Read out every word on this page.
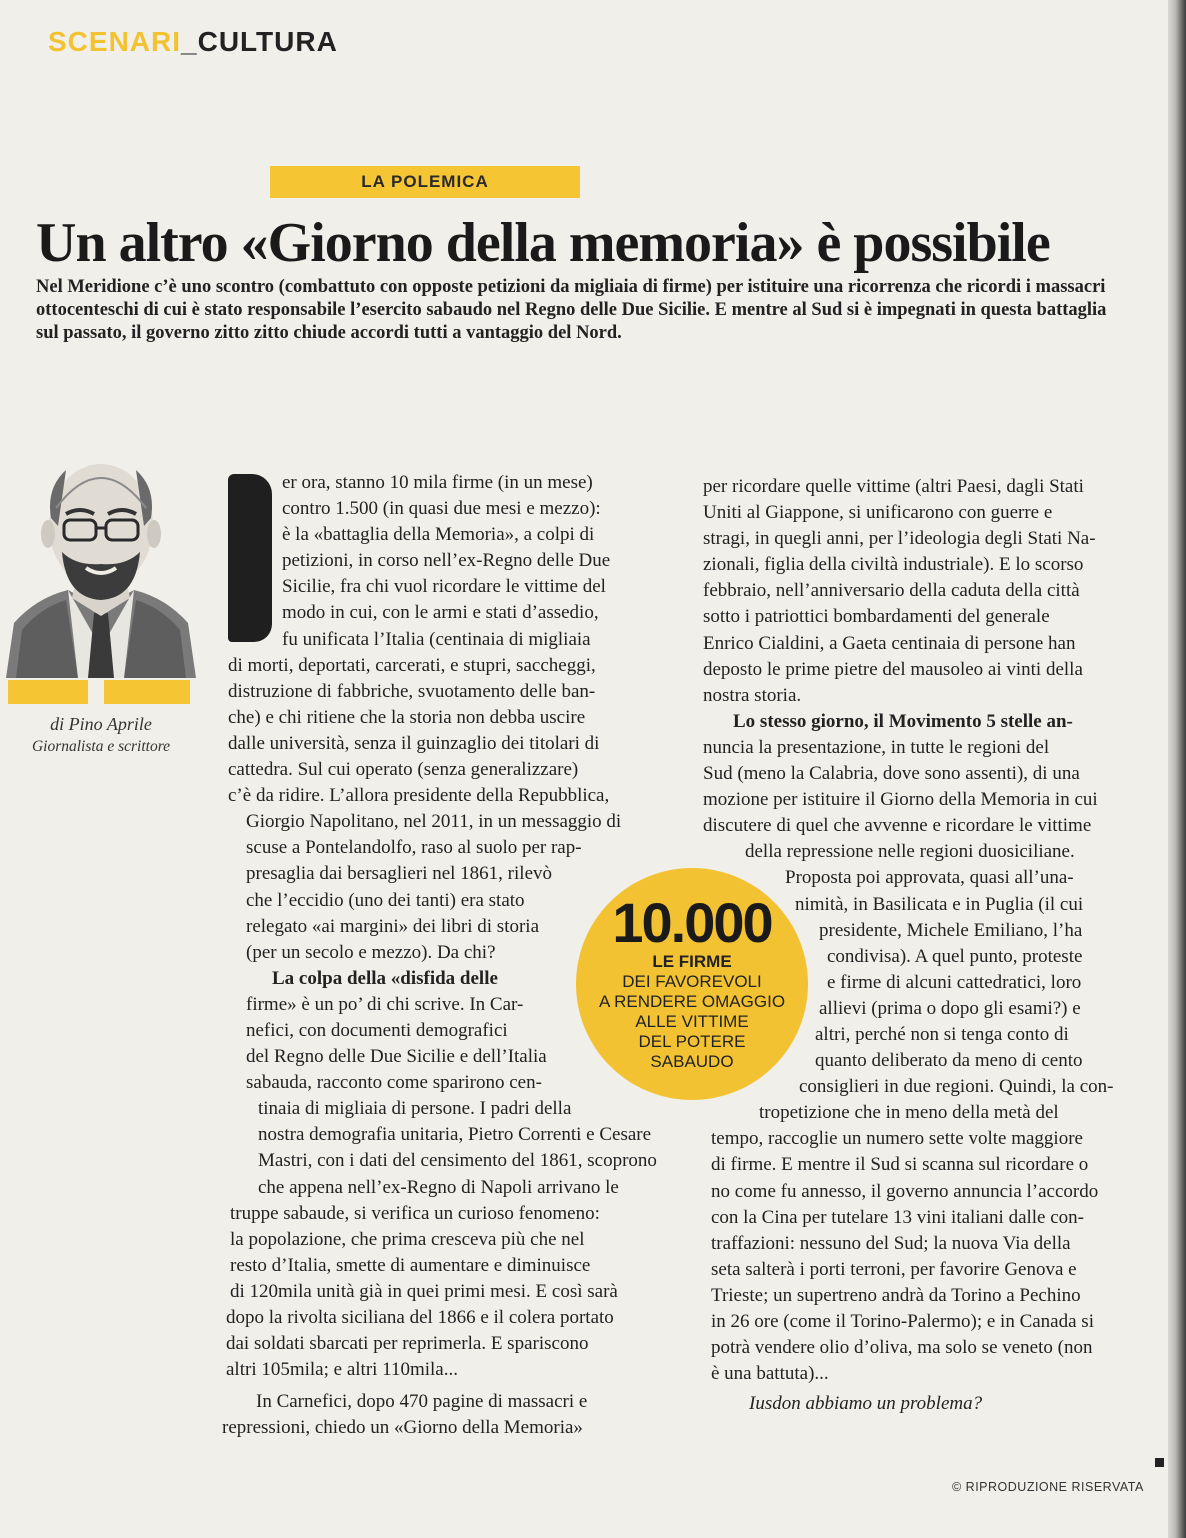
SCENARI_CULTURA
LA POLEMICA
Un altro «Giorno della memoria» è possibile
Nel Meridione c’è uno scontro (combattuto con opposte petizioni da migliaia di firme) per istituire una ricorrenza che ricordi i massacri ottocenteschi di cui è stato responsabile l’esercito sabaudo nel Regno delle Due Sicilie. E mentre al Sud si è impegnati in questa battaglia sul passato, il governo zitto zitto chiude accordi tutti a vantaggio del Nord.
di Pino Aprile
Giornalista e scrittore
P	er ora, stanno 10 mila firme (in un mese)
contro 1.500 (in quasi due mesi e mezzo):
è la «battaglia della Memoria», a colpi di
petizioni, in corso nell’ex-Regno delle Due
Sicilie, fra chi vuol ricordare le vittime del
modo in cui, con le armi e stati d’assedio,
fu unificata l’Italia (centinaia di migliaia
di morti, deportati, carcerati, e stupri, saccheggi,
distruzione di fabbriche, svuotamento delle ban-
che) e chi ritiene che la storia non debba uscire
dalle università, senza il guinzaglio dei titolari di
cattedra. Sul cui operato (senza generalizzare)
c’è da ridire. L’allora presidente della Repubblica,
Giorgio Napolitano, nel 2011, in un messaggio di
scuse a Pontelandolfo, raso al suolo per rap-
presaglia dai bersaglieri nel 1861, rilevò
che l’eccidio (uno dei tanti) era stato
relegato «ai margini» dei libri di storia
(per un secolo e mezzo). Da chi?
La colpa della «disfida delle
firme» è un po’ di chi scrive. In Car-
nefici, con documenti demografici
del Regno delle Due Sicilie e dell’Italia
sabauda, racconto come sparirono cen-
tinaia di migliaia di persone. I padri della
nostra demografia unitaria, Pietro Correnti e Cesare
Mastri, con i dati del censimento del 1861, scoprono
che appena nell’ex-Regno di Napoli arrivano le
truppe sabaude, si verifica un curioso fenomeno:
la popolazione, che prima cresceva più che nel
resto d’Italia, smette di aumentare e diminuisce
di 120mila unità già in quei primi mesi. E così sarà
dopo la rivolta siciliana del 1866 e il colera portato
dai soldati sbarcati per reprimerla. E spariscono
altri 105mila; e altri 110mila...
In Carnefici, dopo 470 pagine di massacri e
repressioni, chiedo un «Giorno della Memoria»
per ricordare quelle vittime (altri Paesi, dagli Stati
Uniti al Giappone, si unificarono con guerre e
stragi, in quegli anni, per l’ideologia degli Stati Na-
zionali, figlia della civiltà industriale). E lo scorso
febbraio, nell’anniversario della caduta della città
sotto i patriottici bombardamenti del generale
Enrico Cialdini, a Gaeta centinaia di persone han
deposto le prime pietre del mausoleo ai vinti della
nostra storia.
Lo stesso giorno, il Movimento 5 stelle an-
nuncia la presentazione, in tutte le regioni del
Sud (meno la Calabria, dove sono assenti), di una
mozione per istituire il Giorno della Memoria in cui
discutere di quel che avvenne e ricordare le vittime
della repressione nelle regioni duosiciliane.
Proposta poi approvata, quasi all’una-
nimità, in Basilicata e in Puglia (il cui
presidente, Michele Emiliano, l’ha
condivisa). A quel punto, proteste
e firme di alcuni cattedratici, loro
allievi (prima o dopo gli esami?) e
altri, perché non si tenga conto di
quanto deliberato da meno di cento
consiglieri in due regioni. Quindi, la con-
tropetizione che in meno della metà del
tempo, raccoglie un numero sette volte maggiore
di firme. E mentre il Sud si scanna sul ricordare o
no come fu annesso, il governo annuncia l’accordo
con la Cina per tutelare 13 vini italiani dalle con-
traffazioni: nessuno del Sud; la nuova Via della
seta salterà i porti terroni, per favorire Genova e
Trieste; un supertreno andrà da Torino a Pechino
in 26 ore (come il Torino-Palermo); e in Canada si
potrà vendere olio d’oliva, ma solo se veneto (non
è una battuta)...
Iusdon abbiamo un problema?
10.000
LE FIRME
DEI FAVOREVOLI
A RENDERE OMAGGIO
ALLE VITTIME
DEL POTERE
SABAUDO
© RIPRODUZIONE RISERVATA
